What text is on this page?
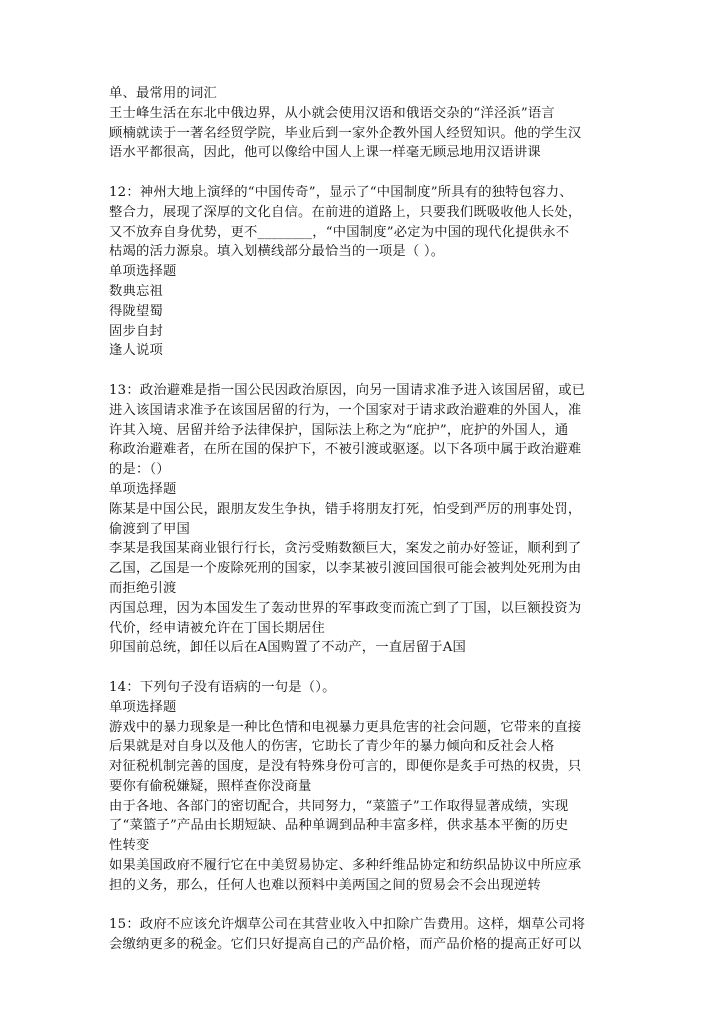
单、最常用的词汇
王士峰生活在东北中俄边界，从小就会使用汉语和俄语交杂的“洋泾浜”语言
顾楠就读于一著名经贸学院，毕业后到一家外企教外国人经贸知识。他的学生汉
语水平都很高，因此，他可以像给中国人上课一样毫无顾忌地用汉语讲课
12：神州大地上演绎的“中国传奇”，显示了“中国制度”所具有的独特包容力、
整合力，展现了深厚的文化自信。在前进的道路上，只要我们既吸收他人长处，
又不放弃自身优势，更不________，“中国制度”必定为中国的现代化提供永不
枯竭的活力源泉。填入划横线部分最恰当的一项是（ ）。
单项选择题
数典忘祖
得陇望蜀
固步自封
逢人说项
13：政治避难是指一国公民因政治原因，向另一国请求准予进入该国居留，或已
进入该国请求准予在该国居留的行为，一个国家对于请求政治避难的外国人，准
许其入境、居留并给予法律保护，国际法上称之为“庇护”，庇护的外国人，通
称政治避难者，在所在国的保护下，不被引渡或驱逐。以下各项中属于政治避难
的是：（）
单项选择题
陈某是中国公民，跟朋友发生争执，错手将朋友打死，怕受到严厉的刑事处罚，
偷渡到了甲国
李某是我国某商业银行行长，贪污受贿数额巨大，案发之前办好签证，顺利到了
乙国，乙国是一个废除死刑的国家，以李某被引渡回国很可能会被判处死刑为由
而拒绝引渡
丙国总理，因为本国发生了轰动世界的军事政变而流亡到了丁国，以巨额投资为
代价，经申请被允许在丁国长期居住
卯国前总统，卸任以后在A国购置了不动产，一直居留于A国
14：下列句子没有语病的一句是（）。
单项选择题
游戏中的暴力现象是一种比色情和电视暴力更具危害的社会问题，它带来的直接
后果就是对自身以及他人的伤害，它助长了青少年的暴力倾向和反社会人格
对征税机制完善的国度，是没有特殊身份可言的，即便你是炙手可热的权贵，只
要你有偷税嫌疑，照样查你没商量
由于各地、各部门的密切配合，共同努力，“菜篮子”工作取得显著成绩，实现
了“菜篮子”产品由长期短缺、品种单调到品种丰富多样，供求基本平衡的历史
性转变
如果美国政府不履行它在中美贸易协定、多种纤维品协定和纺织品协议中所应承
担的义务，那么，任何人也难以预料中美两国之间的贸易会不会出现逆转
15：政府不应该允许烟草公司在其营业收入中扣除广告费用。这样，烟草公司将
会缴纳更多的税金。它们只好提高自己的产品价格，而产品价格的提高正好可以
